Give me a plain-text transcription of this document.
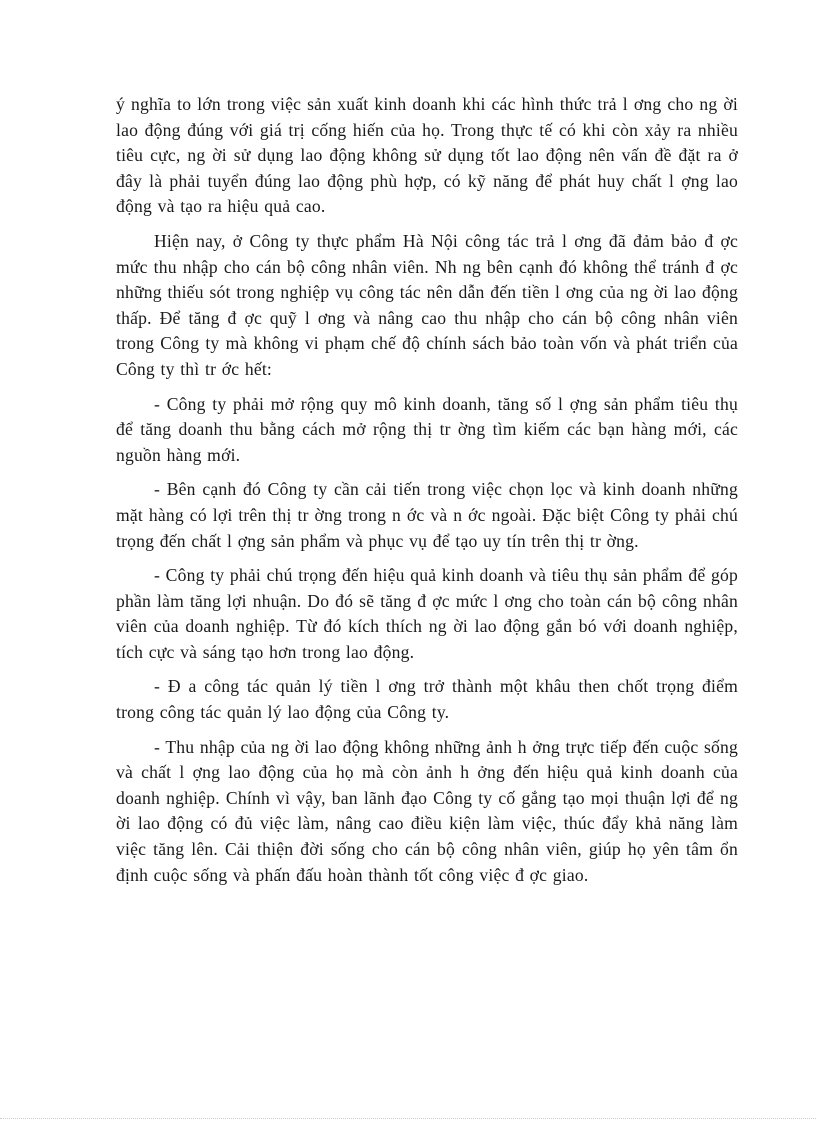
ý nghĩa to lớn trong việc sản xuất kinh doanh khi các hình thức trả l ơng cho ng ời lao động đúng với giá trị cống hiến của họ. Trong thực tế có khi còn xảy ra nhiều tiêu cực, ng ời sử dụng lao động không sử dụng tốt lao động nên vấn đề đặt ra ở đây là phải tuyển đúng lao động phù hợp, có kỹ năng để phát huy chất l ợng lao động và tạo ra hiệu quả cao.

Hiện nay, ở Công ty thực phẩm Hà Nội công tác trả l ơng đã đảm bảo đ ợc mức thu nhập cho cán bộ công nhân viên. Nh ng bên cạnh đó không thể tránh đ ợc những thiếu sót trong nghiệp vụ công tác nên dẫn đến tiền l ơng của ng ời lao động thấp. Để tăng đ ợc quỹ l ơng và nâng cao thu nhập cho cán bộ công nhân viên trong Công ty mà không vi phạm chế độ chính sách bảo toàn vốn và phát triển của Công ty thì tr ớc hết:

- Công ty phải mở rộng quy mô kinh doanh, tăng số l ợng sản phẩm tiêu thụ để tăng doanh thu bằng cách mở rộng thị tr ờng tìm kiếm các bạn hàng mới, các nguồn hàng mới.

- Bên cạnh đó Công ty cần cải tiến trong việc chọn lọc và kinh doanh những mặt hàng có lợi trên thị tr ờng trong n ớc và n ớc ngoài. Đặc biệt Công ty phải chú trọng đến chất l ợng sản phẩm và phục vụ để tạo uy tín trên thị tr ờng.

- Công ty phải chú trọng đến hiệu quả kinh doanh và tiêu thụ sản phẩm để góp phần làm tăng lợi nhuận. Do đó sẽ tăng đ ợc mức l ơng cho toàn cán bộ công nhân viên của doanh nghiệp. Từ đó kích thích ng ời lao động gắn bó với doanh nghiệp, tích cực và sáng tạo hơn trong lao động.

- Đ a công tác quản lý tiền l ơng trở thành một khâu then chốt trọng điểm trong công tác quản lý lao động của Công ty.

- Thu nhập của ng ời lao động không những ảnh h ởng trực tiếp đến cuộc sống và chất l ợng lao động của họ mà còn ảnh h ởng đến hiệu quả kinh doanh của doanh nghiệp. Chính vì vậy, ban lãnh đạo Công ty cố gắng tạo mọi thuận lợi để ng ời lao động có đủ việc làm, nâng cao điều kiện làm việc, thúc đẩy khả năng làm việc tăng lên. Cải thiện đời sống cho cán bộ công nhân viên, giúp họ yên tâm ổn định cuộc sống và phấn đấu hoàn thành tốt công việc đ ợc giao.
